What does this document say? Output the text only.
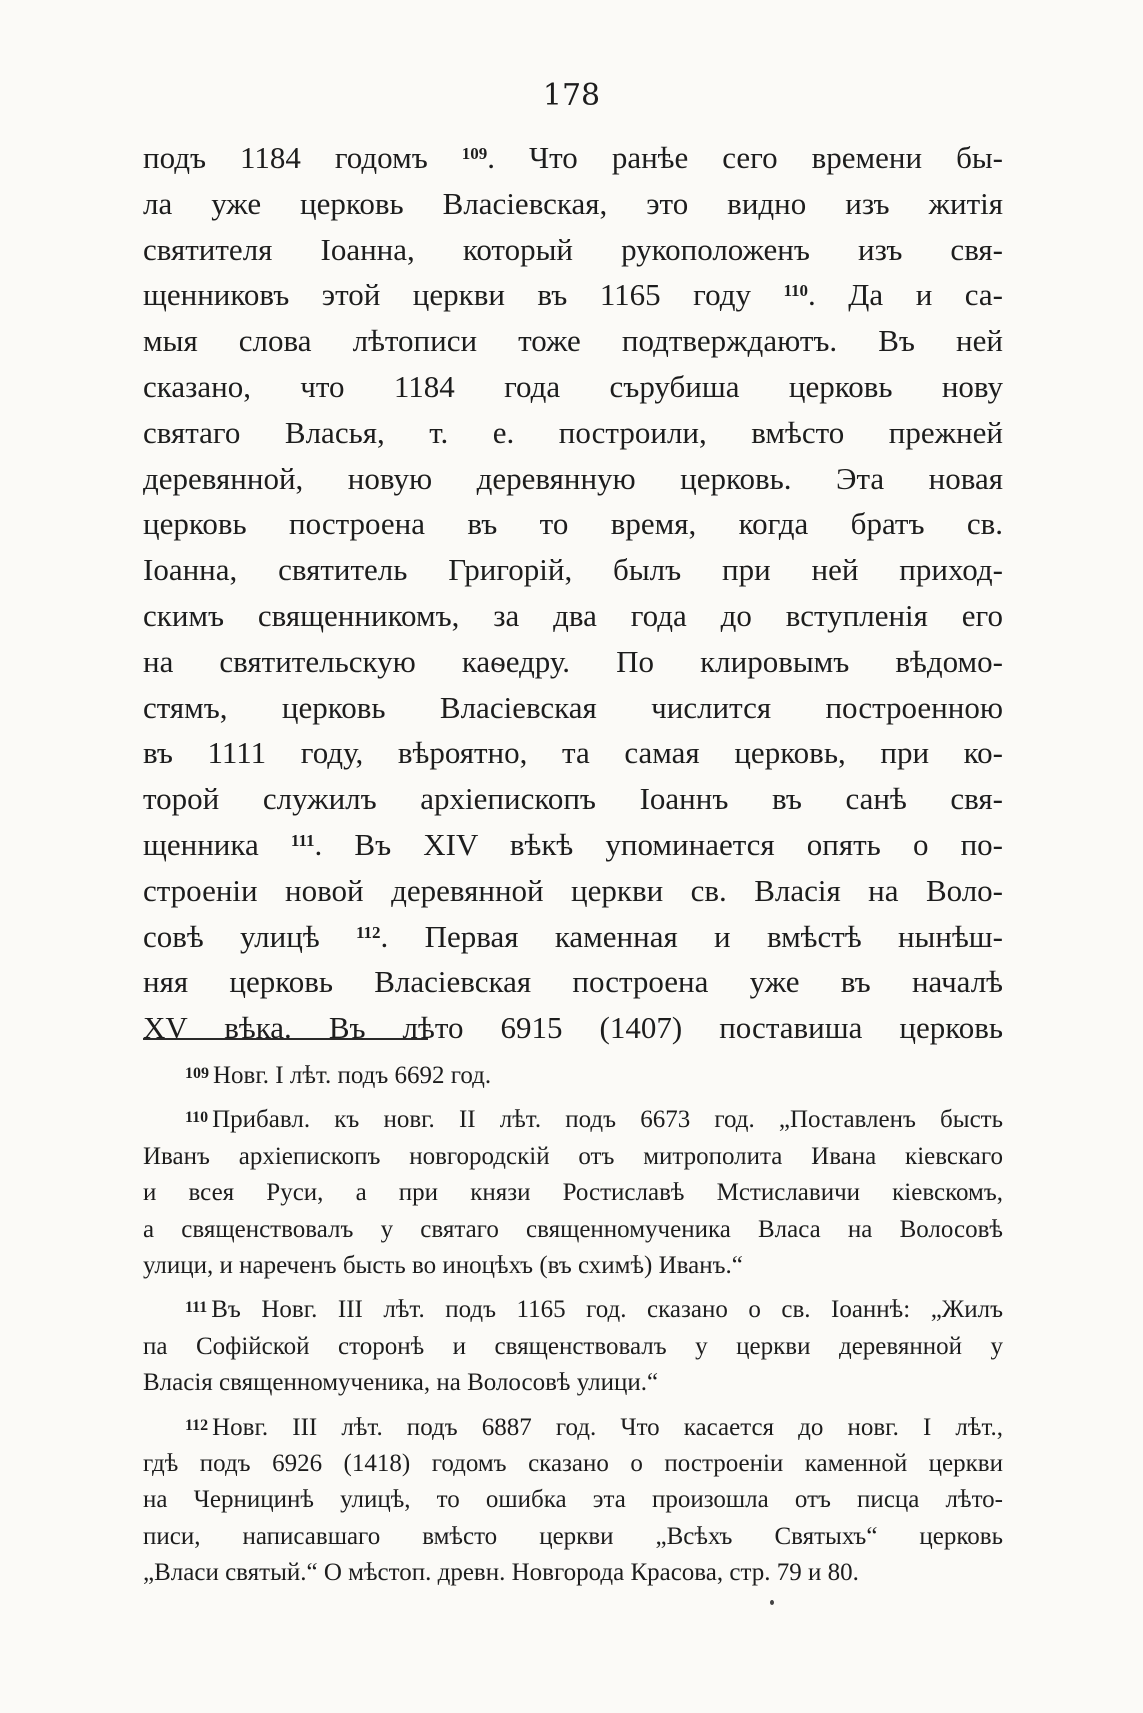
178
подъ 1184 годомъ $^{109}$. Что ранѣе сего времени бы-
ла уже церковь Власіевская, это видно изъ житія
святителя Іоанна, который рукоположенъ изъ свя-
щенниковъ этой церкви въ 1165 году $^{110}$. Да и са-
мыя слова лѣтописи тоже подтверждаютъ. Въ ней
сказано, что 1184 года сърубиша церковь нову
святаго Власья, т. е. построили, вмѣсто прежней
деревянной, новую деревянную церковь. Эта новая
церковь построена въ то время, когда братъ св.
Іоанна, святитель Григорій, былъ при ней приход-
скимъ священникомъ, за два года до вступленія его
на святительскую каѳедру. По клировымъ вѣдомо-
стямъ, церковь Власіевская числится построенною
въ 1111 году, вѣроятно, та самая церковь, при ко-
торой служилъ архіепископъ Іоаннъ въ санѣ свя-
щенника $^{111}$. Въ XIV вѣкѣ упоминается опять о по-
строеніи новой деревянной церкви св. Власія на Воло-
совѣ улицѣ $^{112}$. Первая каменная и вмѣстѣ нынѣш-
няя церковь Власіевская построена уже въ началѣ
XV вѣка. Въ лѣто 6915 (1407) поставиша церковь
$^{109}$ Новг. I лѣт. подъ 6692 год.
$^{110}$ Прибавл. къ новг. II лѣт. подъ 6673 год. „Поставленъ бысть
Иванъ архіепископъ новгородскій отъ митрополита Ивана кіевскаго
и всея Руси, а при князи Ростиславѣ Мстиславичи кіевскомъ,
а священствовалъ у святаго священномученика Власа на Волосовѣ
улици, и нареченъ бысть во иноцѣхъ (въ схимѣ) Иванъ.“
$^{111}$ Въ Новг. III лѣт. подъ 1165 год. сказано о св. Іоаннѣ: „Жилъ
па Софійской сторонѣ и священствовалъ у церкви деревянной у
Власія священномученика, на Волосовѣ улици.“
$^{112}$ Новг. III лѣт. подъ 6887 год. Что касается до новг. I лѣт.,
гдѣ подъ 6926 (1418) годомъ сказано о построеніи каменной церкви
на Черницинѣ улицѣ, то ошибка эта произошла отъ писца лѣто-
писи, написавшаго вмѣсто церкви „Всѣхъ Святыхъ“ церковь
„Власи святый.“ О мѣстоп. древн. Новгорода Красова, стр. 79 и 80.
